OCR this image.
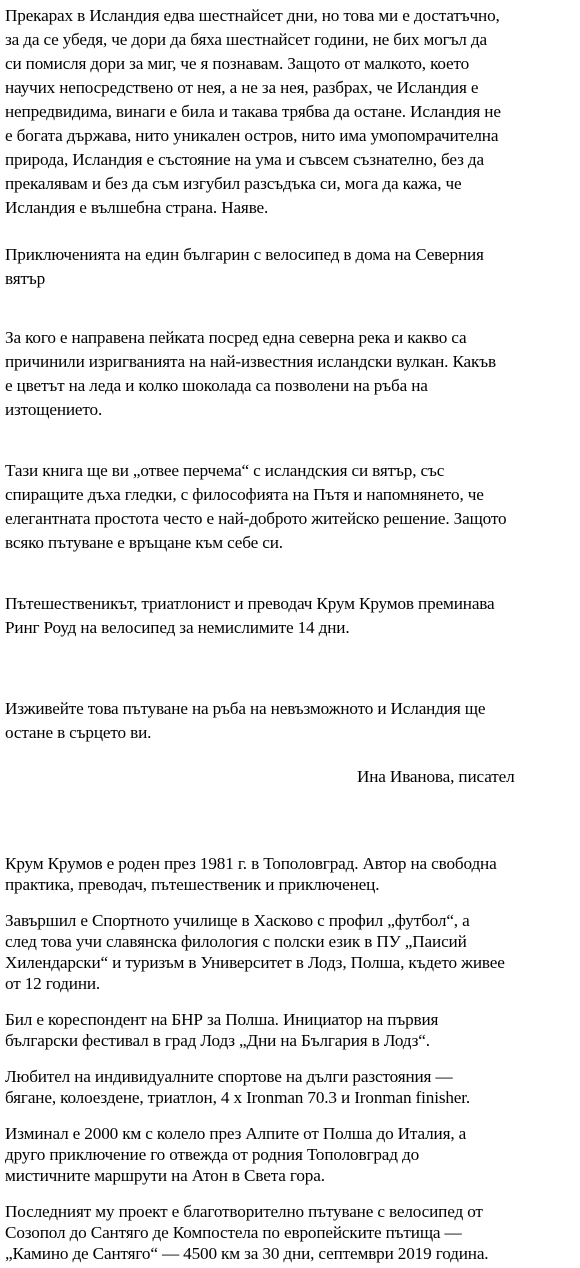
Прекарах в Исландия едва шестнайсет дни, но това ми е достатъчно,
за да се убедя, че дори да бяха шестнайсет години, не бих могъл да
си помисля дори за миг, че я познавам. Защото от малкото, което
научих непосредствено от нея, а не за нея, разбрах, че Исландия е
непредвидима, винаги е била и такава трябва да остане. Исландия не
е богата държава, нито уникален остров, нито има умопомрачителна
природа, Исландия е състояние на ума и съвсем съзнателно, без да
прекалявам и без да съм изгубил разсъдъка си, мога да кажа, че
Исландия е вълшебна страна. Наяве.
Приключенията на един българин с велосипед в дома на Северния
вятър
За кого е направена пейката посред една северна река и какво са
причинили изригванията на най-известния исландски вулкан. Какъв
е цветът на леда и колко шоколада са позволени на ръба на
изтощението.
Тази книга ще ви „отвее перчема“ с исландския си вятър, със
спиращите дъха гледки, с философията на Пътя и напомнянето, че
елегантната простота често е най-доброто житейско решение. Защото
всяко пътуване е връщане към себе си.
Пътешественикът, триатлонист и преводач Крум Крумов преминава
Ринг Роуд на велосипед за немислимите 14 дни.
Изживейте това пътуване на ръба на невъзможното и Исландия ще
остане в сърцето ви.
Ина Иванова, писател
Крум Крумов е роден през 1981 г. в Тополовград. Автор на свободна
практика, преводач, пътешественик и приключенец.
Завършил е Спортното училище в Хасково с профил „футбол“, а
след това учи славянска филология с полски език в ПУ „Паисий
Хилендарски“ и туризъм в Университет в Лодз, Полша, където живее
от 12 години.
Бил е кореспондент на БНР за Полша. Инициатор на първия
български фестивал в град Лодз „Дни на България в Лодз“.
Любител на индивидуалните спортове на дълги разстояния —
бягане, колоездене, триатлон, 4 x Ironman 70.3 и Ironman finisher.
Изминал е 2000 км с колело през Алпите от Полша до Италия, а
друго приключение го отвежда от родния Тополовград до
мистичните маршрути на Атон в Света гора.
Последният му проект е благотворително пътуване с велосипед от
Созопол до Сантяго де Компостела по европейските пътища —
„Камино де Сантяго“ — 4500 км за 30 дни, септември 2019 година.
